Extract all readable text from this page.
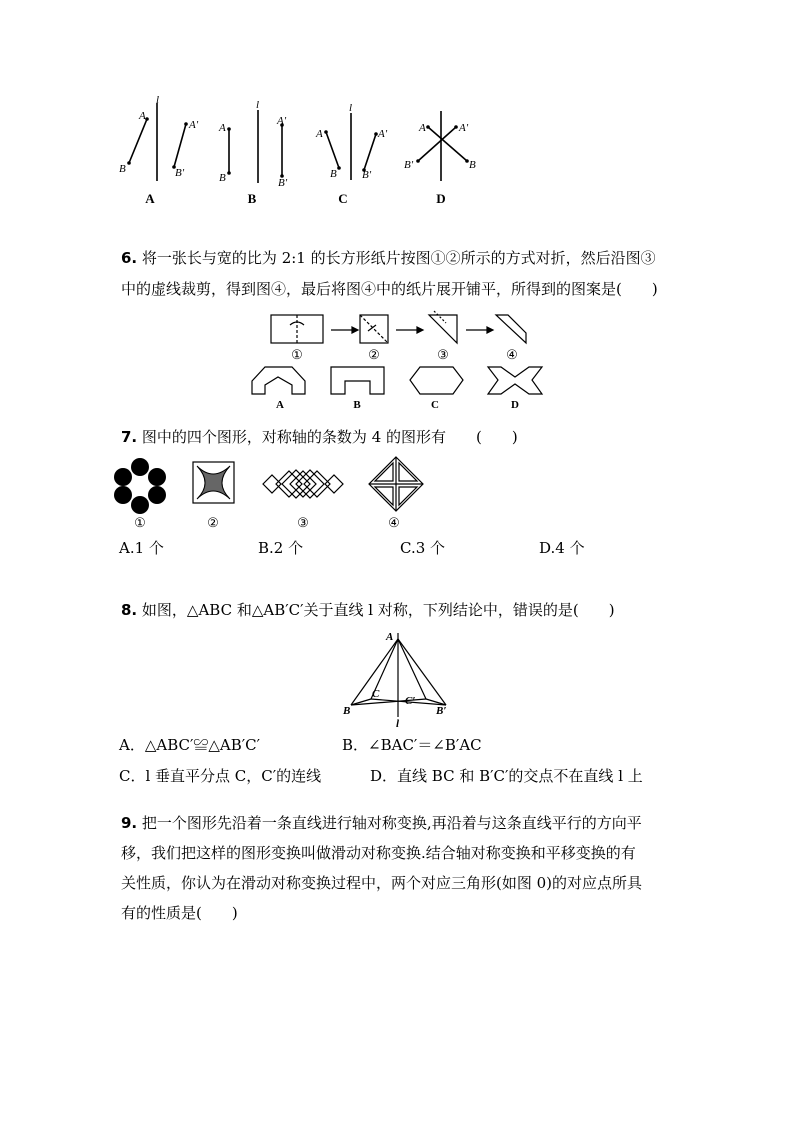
l
A
B
A′
B′
l
A
B
A′
B′
l
A
B
A′
B′
A	A′
B′	B
A	B	C	D
6. 将一张长与宽的比为 2:1 的长方形纸片按图①②所示的方式对折，然后沿图③
中的虚线裁剪，得到图④，最后将图④中的纸片展开铺平，所得到的图案是(　　)
①	②	③	④
A	B	C	D
7. 图中的四个图形，对称轴的条数为 4 的图形有　　(　　)
①	②	③	④
A.1 个	B.2 个	C.3 个	D.4 个
8. 如图，△ABC 和△AB′C′关于直线 l 对称，下列结论中，错误的是(　　)
A
B
C
C′
B′
l
A．△ABC′≌△AB′C′	B．∠BAC′＝∠B′AC
C．l 垂直平分点 C，C′的连线	D．直线 BC 和 B′C′的交点不在直线 l 上
9. 把一个图形先沿着一条直线进行轴对称变换,再沿着与这条直线平行的方向平
移，我们把这样的图形变换叫做滑动对称变换.结合轴对称变换和平移变换的有
关性质，你认为在滑动对称变换过程中，两个对应三角形(如图 0)的对应点所具
有的性质是(　　)
